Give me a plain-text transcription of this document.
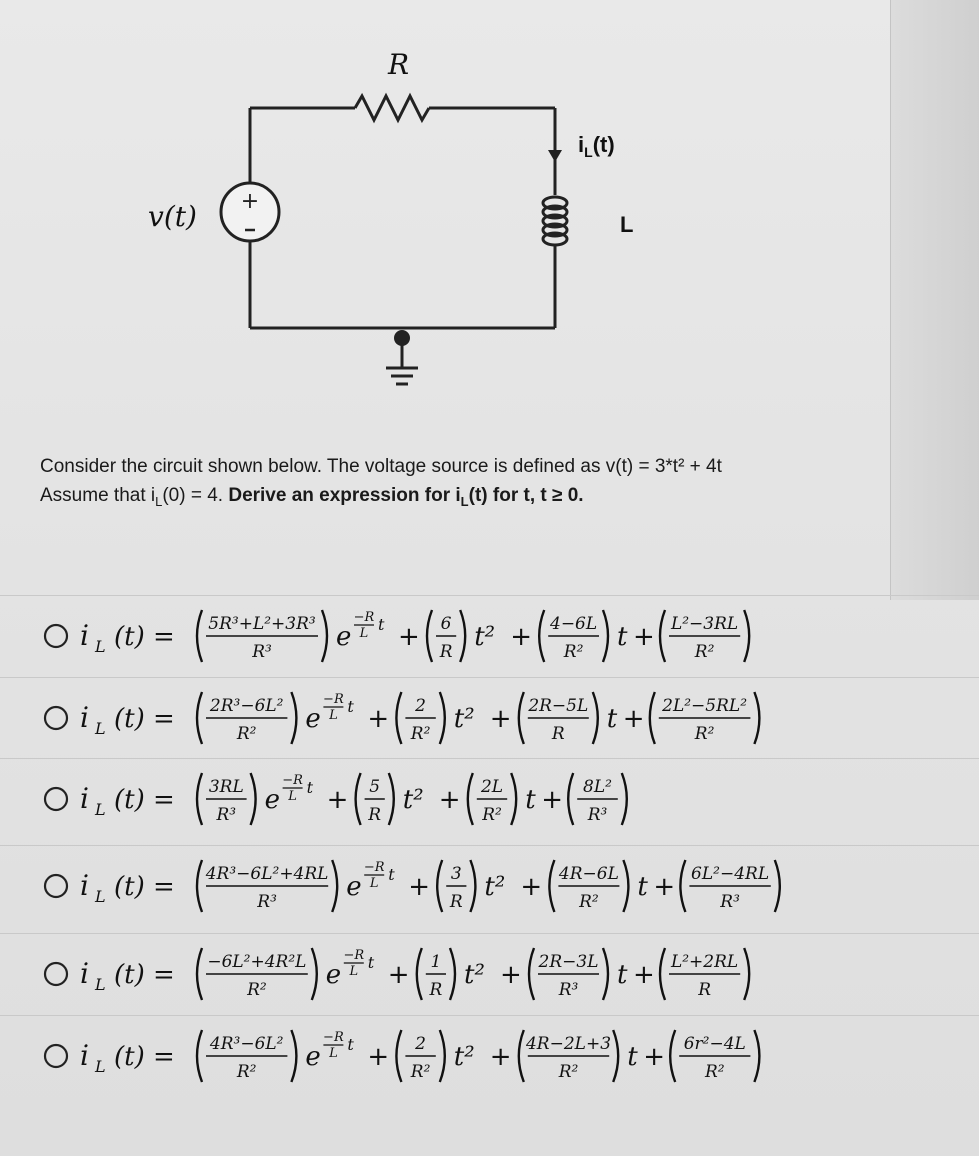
+
v(t)
R
$i_L(t)$
L
Consider the circuit shown below. The voltage source is defined as v(t) = 3*t² + 4t
Assume that $i_L(0) = 4$. Derive an expression for $i_L(t)$ for t, t ≥ 0.
i L (t) = 5R³+L²+3R³
R³ e
−R
L t + 6
R t² + 4−6L
R² t + L²−3RL
R²
i L (t) = 2R³−6L²
R² e
−R
L t + 2
R² t² + 2R−5L
R t + 2L²−5RL²
R²
i L (t) = 3RL
R³ e
−R
L t + 5
R t² + 2L
R² t + 8L²
R³
i L (t) = 4R³−6L²+4RL
R³	e
−R
L t + 3
R t² + 4R−6L
R² t + 6L²−4RL
R³
i L (t) = −6L²+4R²L
R² e
−R
L t + 1
R t² + 2R−3L
R³ t + L²+2RL
R
i L (t) = 4R³−6L²
R² e
−R
L t + 2
R² t² + 4R−2L+3
R² t + 6r²−4L
R²
